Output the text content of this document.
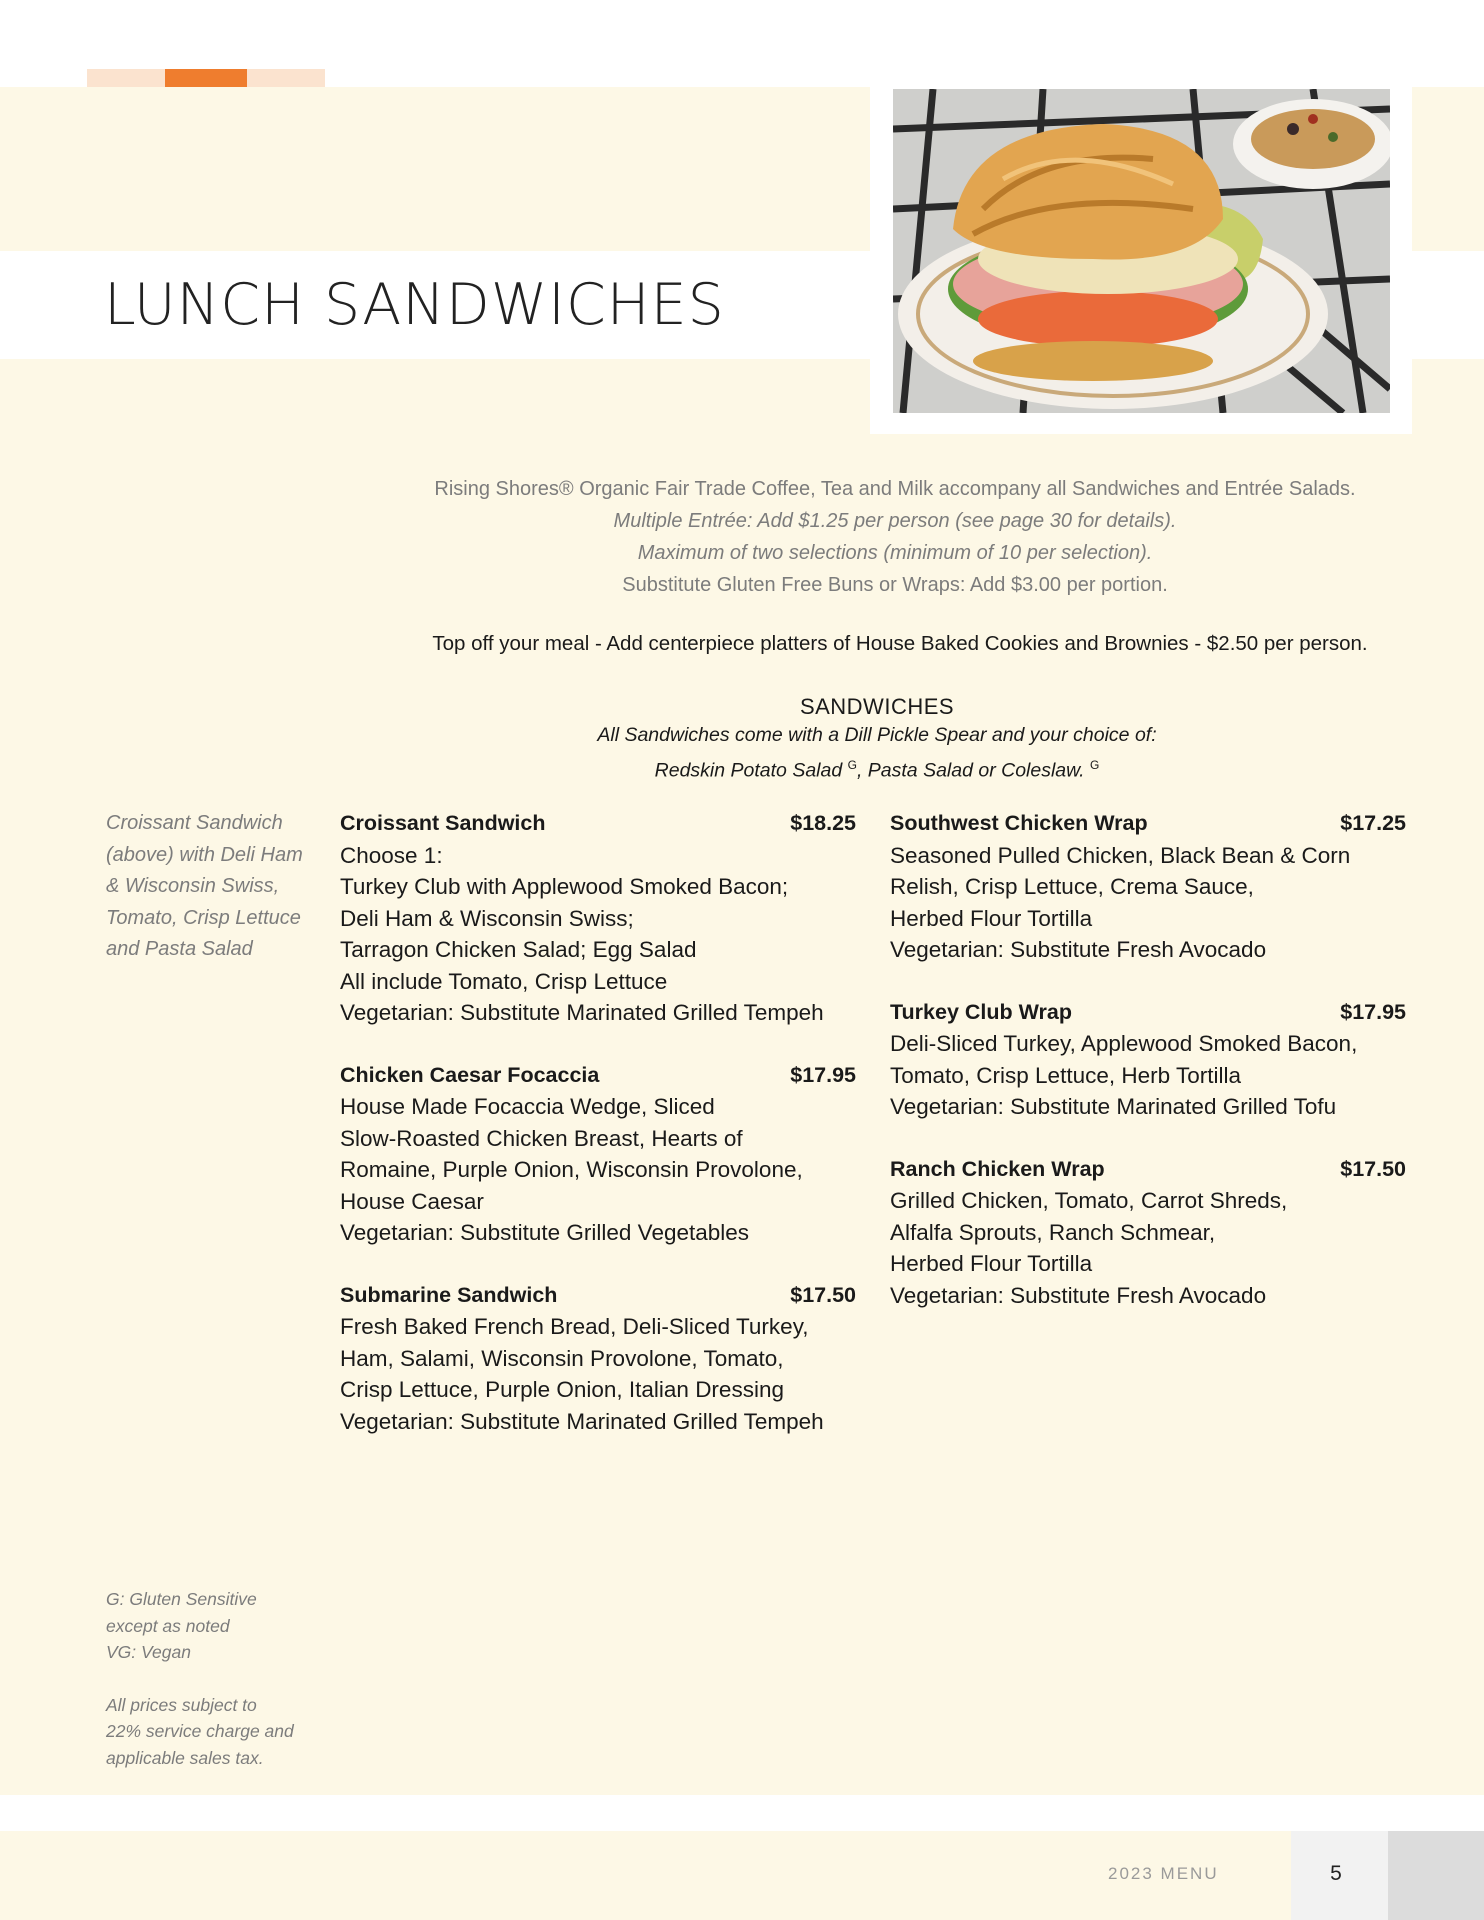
LUNCH SANDWICHES
Rising Shores® Organic Fair Trade Coffee, Tea and Milk accompany all Sandwiches and Entrée Salads.
Multiple Entrée: Add $1.25 per person (see page 30 for details).
Maximum of two selections (minimum of 10 per selection).
Substitute Gluten Free Buns or Wraps: Add $3.00 per portion.
Top off your meal - Add centerpiece platters of House Baked Cookies and Brownies - $2.50 per person.
SANDWICHES
All Sandwiches come with a Dill Pickle Spear and your choice of:
Redskin Potato Salad $^G$, Pasta Salad or Coleslaw. $^G$
Croissant Sandwich (above) with Deli Ham & Wisconsin Swiss, Tomato, Crisp Lettuce and Pasta Salad
G: Gluten Sensitive
except as noted
VG: Vegan
All prices subject to
22% service charge and
applicable sales tax.
Croissant Sandwich	$18.25
Choose 1:
Turkey Club with Applewood Smoked Bacon;
Deli Ham & Wisconsin Swiss;
Tarragon Chicken Salad; Egg Salad
All include Tomato, Crisp Lettuce
Vegetarian: Substitute Marinated Grilled Tempeh
Chicken Caesar Focaccia	$17.95
House Made Focaccia Wedge, Sliced
Slow-Roasted Chicken Breast, Hearts of
Romaine, Purple Onion, Wisconsin Provolone,
House Caesar
Vegetarian: Substitute Grilled Vegetables
Submarine Sandwich	$17.50
Fresh Baked French Bread, Deli-Sliced Turkey,
Ham, Salami, Wisconsin Provolone, Tomato,
Crisp Lettuce, Purple Onion, Italian Dressing
Vegetarian: Substitute Marinated Grilled Tempeh
Southwest Chicken Wrap	$17.25
Seasoned Pulled Chicken, Black Bean & Corn
Relish, Crisp Lettuce, Crema Sauce,
Herbed Flour Tortilla
Vegetarian: Substitute Fresh Avocado
Turkey Club Wrap	$17.95
Deli-Sliced Turkey, Applewood Smoked Bacon,
Tomato, Crisp Lettuce, Herb Tortilla
Vegetarian: Substitute Marinated Grilled Tofu
Ranch Chicken Wrap	$17.50
Grilled Chicken, Tomato, Carrot Shreds,
Alfalfa Sprouts, Ranch Schmear,
Herbed Flour Tortilla
Vegetarian: Substitute Fresh Avocado
2023 MENU	5
